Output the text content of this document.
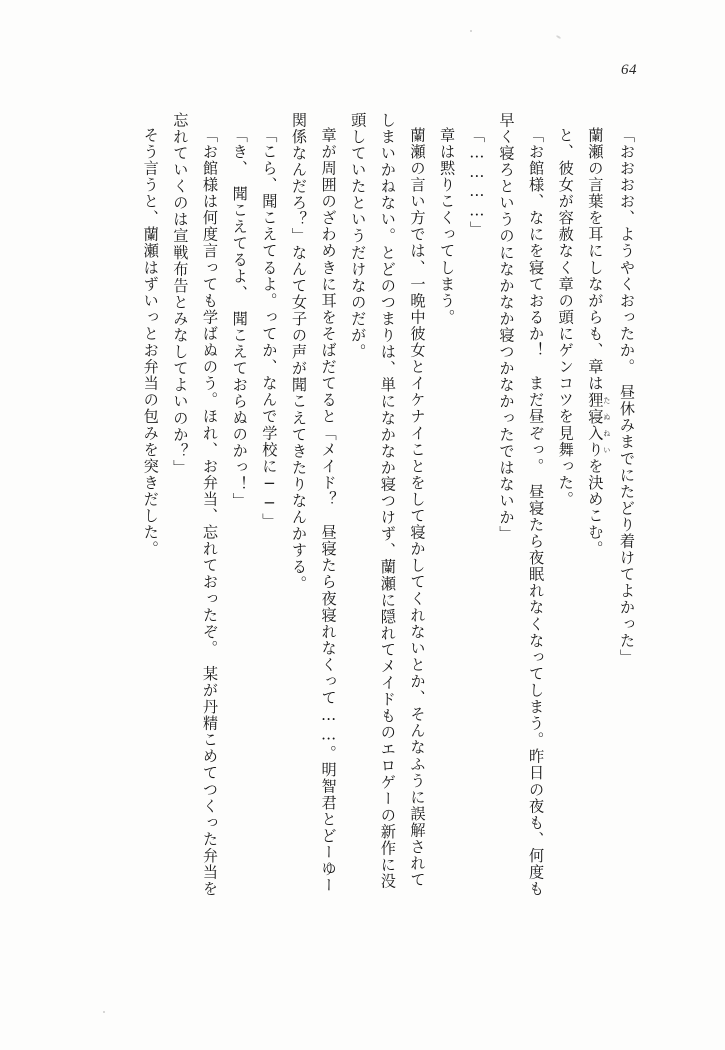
64

「おおおお、ようやくおったか。　昼休みまでにたどり着けてよかった」

蘭瀬の言葉を耳にしながらも、章は狸寝入りたぬねいを決めこむ。

と、彼女が容赦なく章の頭にゲンコツを見舞った。

「お館様、なにを寝ておるか！　まだ昼ぞっ。　昼寝たら夜眠れなくなってしまう。昨日の夜も、何度も早く寝ろというのになかなか寝つかなかったではないか」

「…………」

章は黙りこくってしまう。

蘭瀬の言い方では、一晩中彼女とイケナイことをして寝かしてくれないとか、そんなふうに誤解されてしまいかねない。とどのつまりは、単になかなか寝つけず、蘭瀬に隠れてメイドものエロゲーの新作に没頭していたというだけなのだが。

章が周囲のざわめきに耳をそばだてると「メイド？　昼寝たら夜寝れなくって……。明智君とどーゆー関係なんだろ？」なんて女子の声が聞こえてきたりなんかする。

「こら、聞こえてるよ。ってか、なんで学校に──」

「き、　聞こえてるよ、　聞こえておらぬのかっ！」

「お館様は何度言っても学ばぬのう。ほれ、お弁当、忘れておったぞ。　某が丹精こめてつくった弁当を忘れていくのは宣戦布告とみなしてよいのか？」

そう言うと、蘭瀬はずいっとお弁当の包みを突きだした。
